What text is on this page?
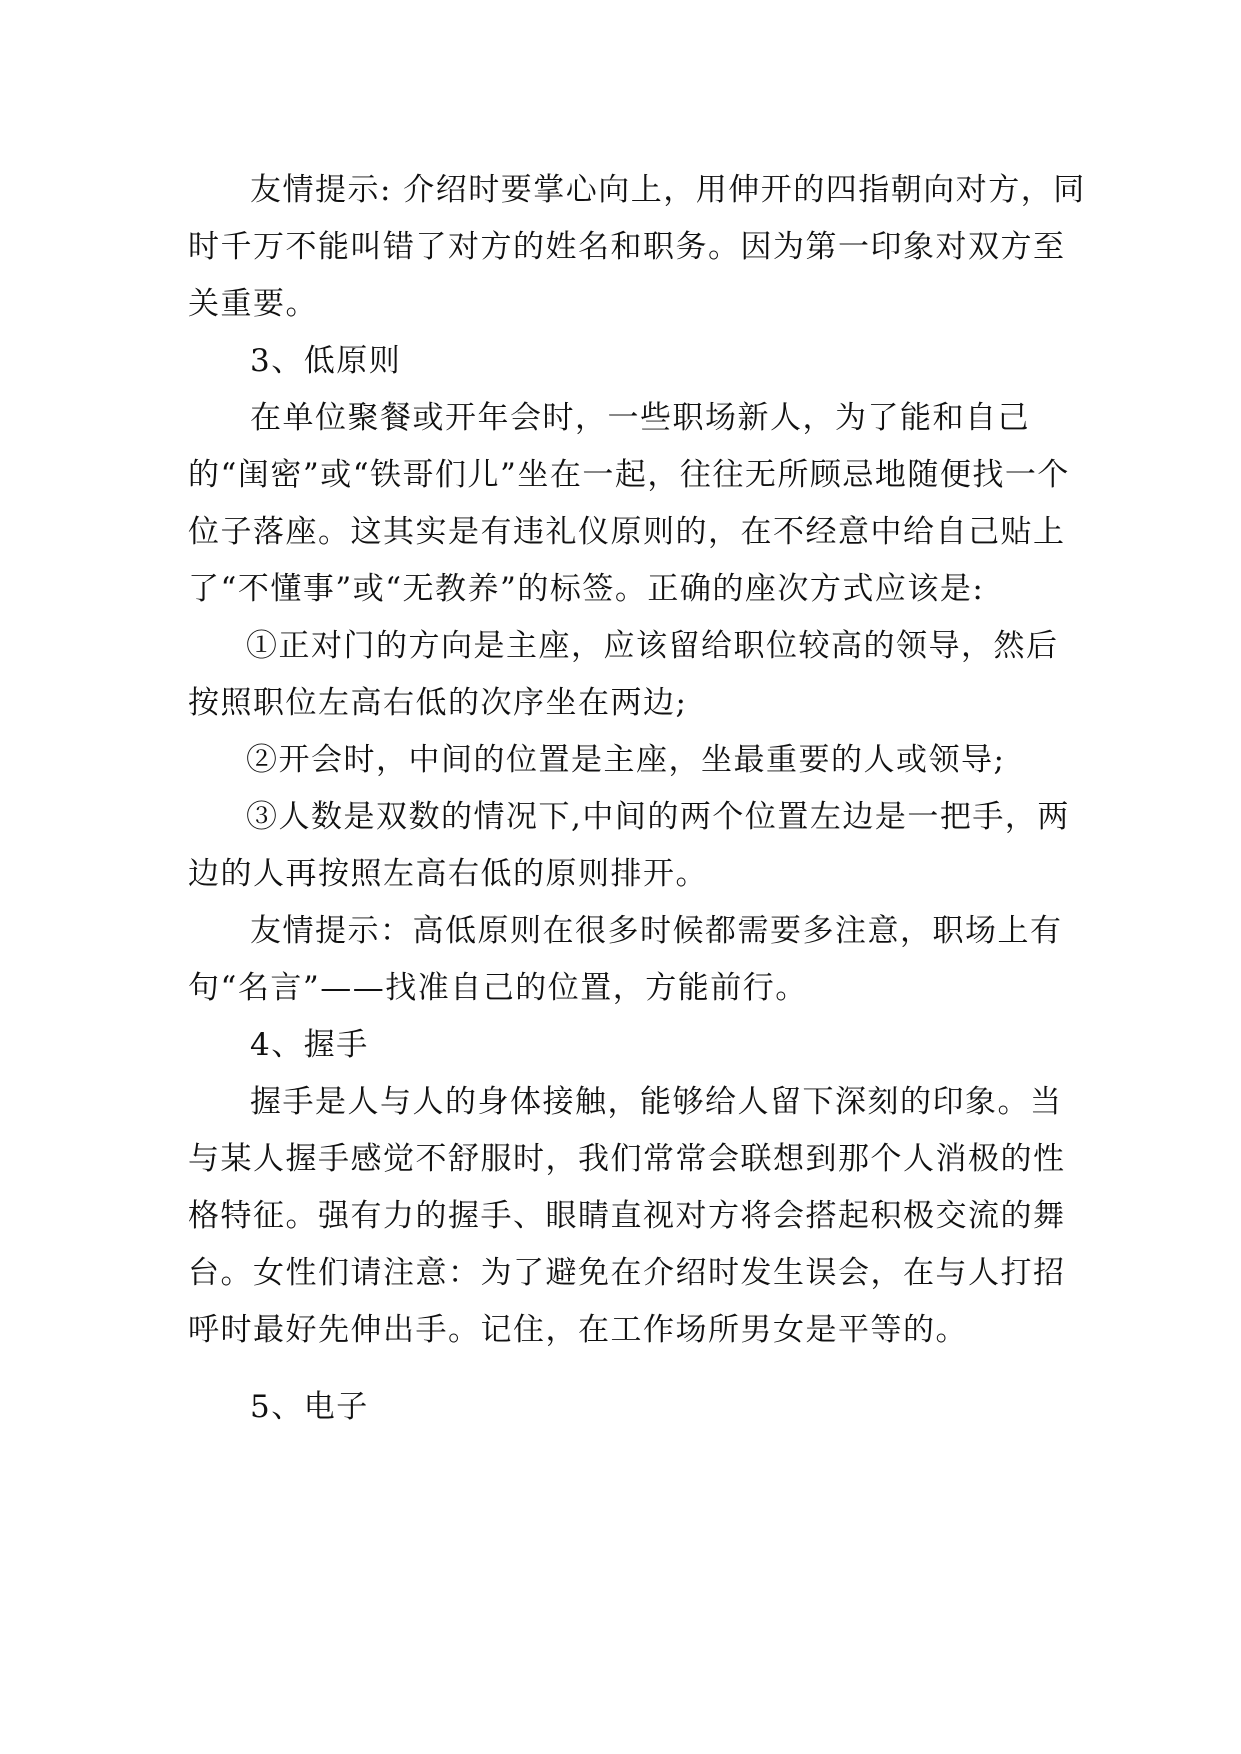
友情提示: 介绍时要掌心向上，用伸开的四指朝向对方，同时千万不能叫错了对方的姓名和职务。因为第一印象对双方至关重要。

3、低原则

在单位聚餐或开年会时，一些职场新人，为了能和自己的“闺密”或“铁哥们儿”坐在一起，往往无所顾忌地随便找一个位子落座。这其实是有违礼仪原则的，在不经意中给自己贴上了“不懂事”或“无教养”的标签。正确的座次方式应该是:

①正对门的方向是主座，应该留给职位较高的领导，然后按照职位左高右低的次序坐在两边;

②开会时，中间的位置是主座，坐最重要的人或领导;

③人数是双数的情况下,中间的两个位置左边是一把手，两边的人再按照左高右低的原则排开。

友情提示：高低原则在很多时候都需要多注意，职场上有句“名言”——找准自己的位置，方能前行。

4、握手

握手是人与人的身体接触，能够给人留下深刻的印象。当与某人握手感觉不舒服时，我们常常会联想到那个人消极的性格特征。强有力的握手、眼睛直视对方将会搭起积极交流的舞台。女性们请注意：为了避免在介绍时发生误会，在与人打招呼时最好先伸出手。记住，在工作场所男女是平等的。

5、电子
